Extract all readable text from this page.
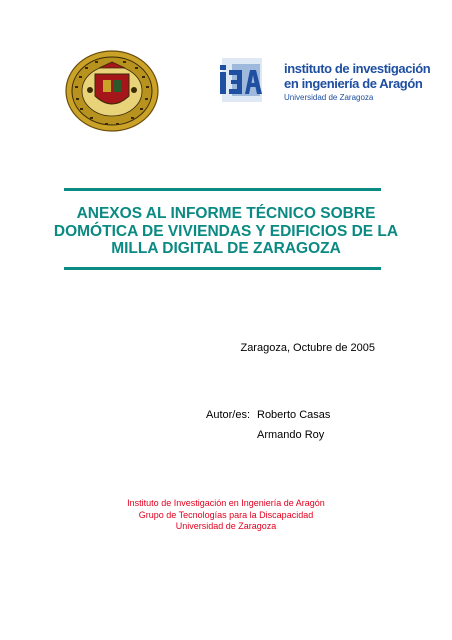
instituto de investigación
en ingeniería de Aragón
Universidad de Zaragoza
ANEXOS AL INFORME TÉCNICO SOBRE DOMÓTICA DE VIVIENDAS Y EDIFICIOS DE LA MILLA DIGITAL DE ZARAGOZA
Zaragoza, Octubre de 2005
Autor/es: Roberto Casas
Armando Roy
Instituto de Investigación en Ingeniería de Aragón
Grupo de Tecnologías para la Discapacidad
Universidad de Zaragoza
